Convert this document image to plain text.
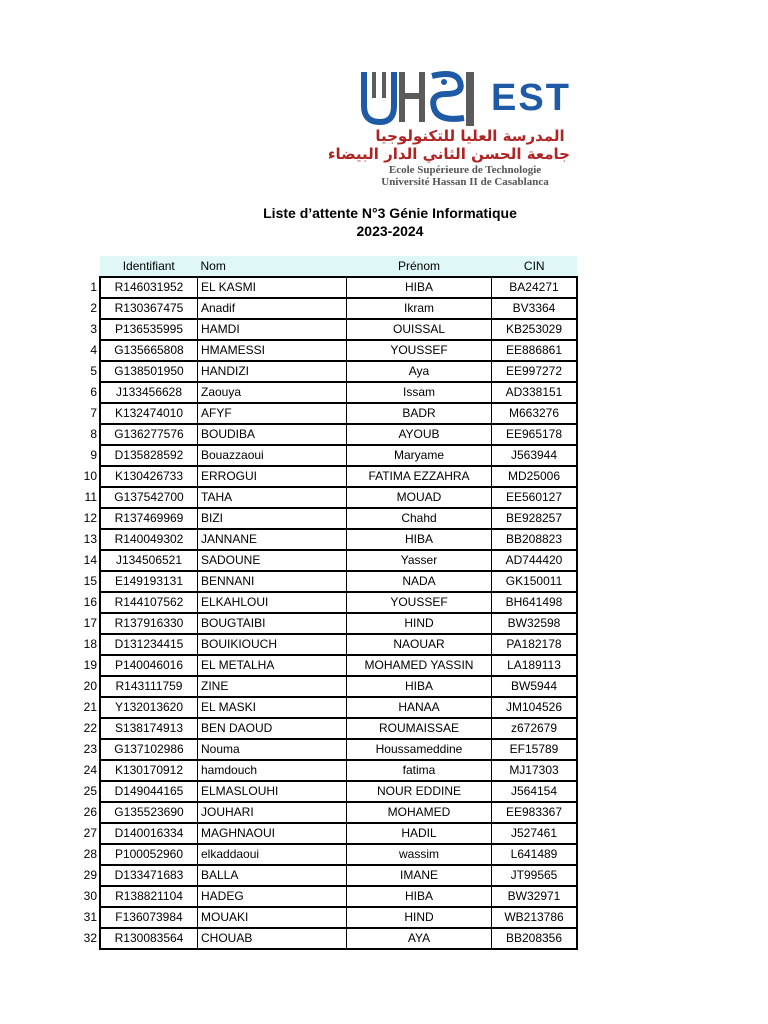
EST
المدرسة العليا للتكنولوجيا
جامعة الحسن الثاني الدار البيضاء
Ecole Supérieure de Technologie
Université Hassan II de Casablanca
Liste d’attente N°3 Génie Informatique
2023-2024
	Identifiant	Nom	Prénom	CIN
1	R146031952	EL KASMI	HIBA	BA24271
2	R130367475	Anadif	Ikram	BV3364
3	P136535995	HAMDI	OUISSAL	KB253029
4	G135665808	HMAMESSI	YOUSSEF	EE886861
5	G138501950	HANDIZI	Aya	EE997272
6	J133456628	Zaouya	Issam	AD338151
7	K132474010	AFYF	BADR	M663276
8	G136277576	BOUDIBA	AYOUB	EE965178
9	D135828592	Bouazzaoui	Maryame	J563944
10	K130426733	ERROGUI	FATIMA EZZAHRA	MD25006
11	G137542700	TAHA	MOUAD	EE560127
12	R137469969	BIZI	Chahd	BE928257
13	R140049302	JANNANE	HIBA	BB208823
14	J134506521	SADOUNE	Yasser	AD744420
15	E149193131	BENNANI	NADA	GK150011
16	R144107562	ELKAHLOUI	YOUSSEF	BH641498
17	R137916330	BOUGTAIBI	HIND	BW32598
18	D131234415	BOUIKIOUCH	NAOUAR	PA182178
19	P140046016	EL METALHA	MOHAMED YASSIN	LA189113
20	R143111759	ZINE	HIBA	BW5944
21	Y132013620	EL MASKI	HANAA	JM104526
22	S138174913	BEN DAOUD	ROUMAISSAE	z672679
23	G137102986	Nouma	Houssameddine	EF15789
24	K130170912	hamdouch	fatima	MJ17303
25	D149044165	ELMASLOUHI	NOUR EDDINE	J564154
26	G135523690	JOUHARI	MOHAMED	EE983367
27	D140016334	MAGHNAOUI	HADIL	J527461
28	P100052960	elkaddaoui	wassim	L641489
29	D133471683	BALLA	IMANE	JT99565
30	R138821104	HADEG	HIBA	BW32971
31	F136073984	MOUAKI	HIND	WB213786
32	R130083564	CHOUAB	AYA	BB208356
